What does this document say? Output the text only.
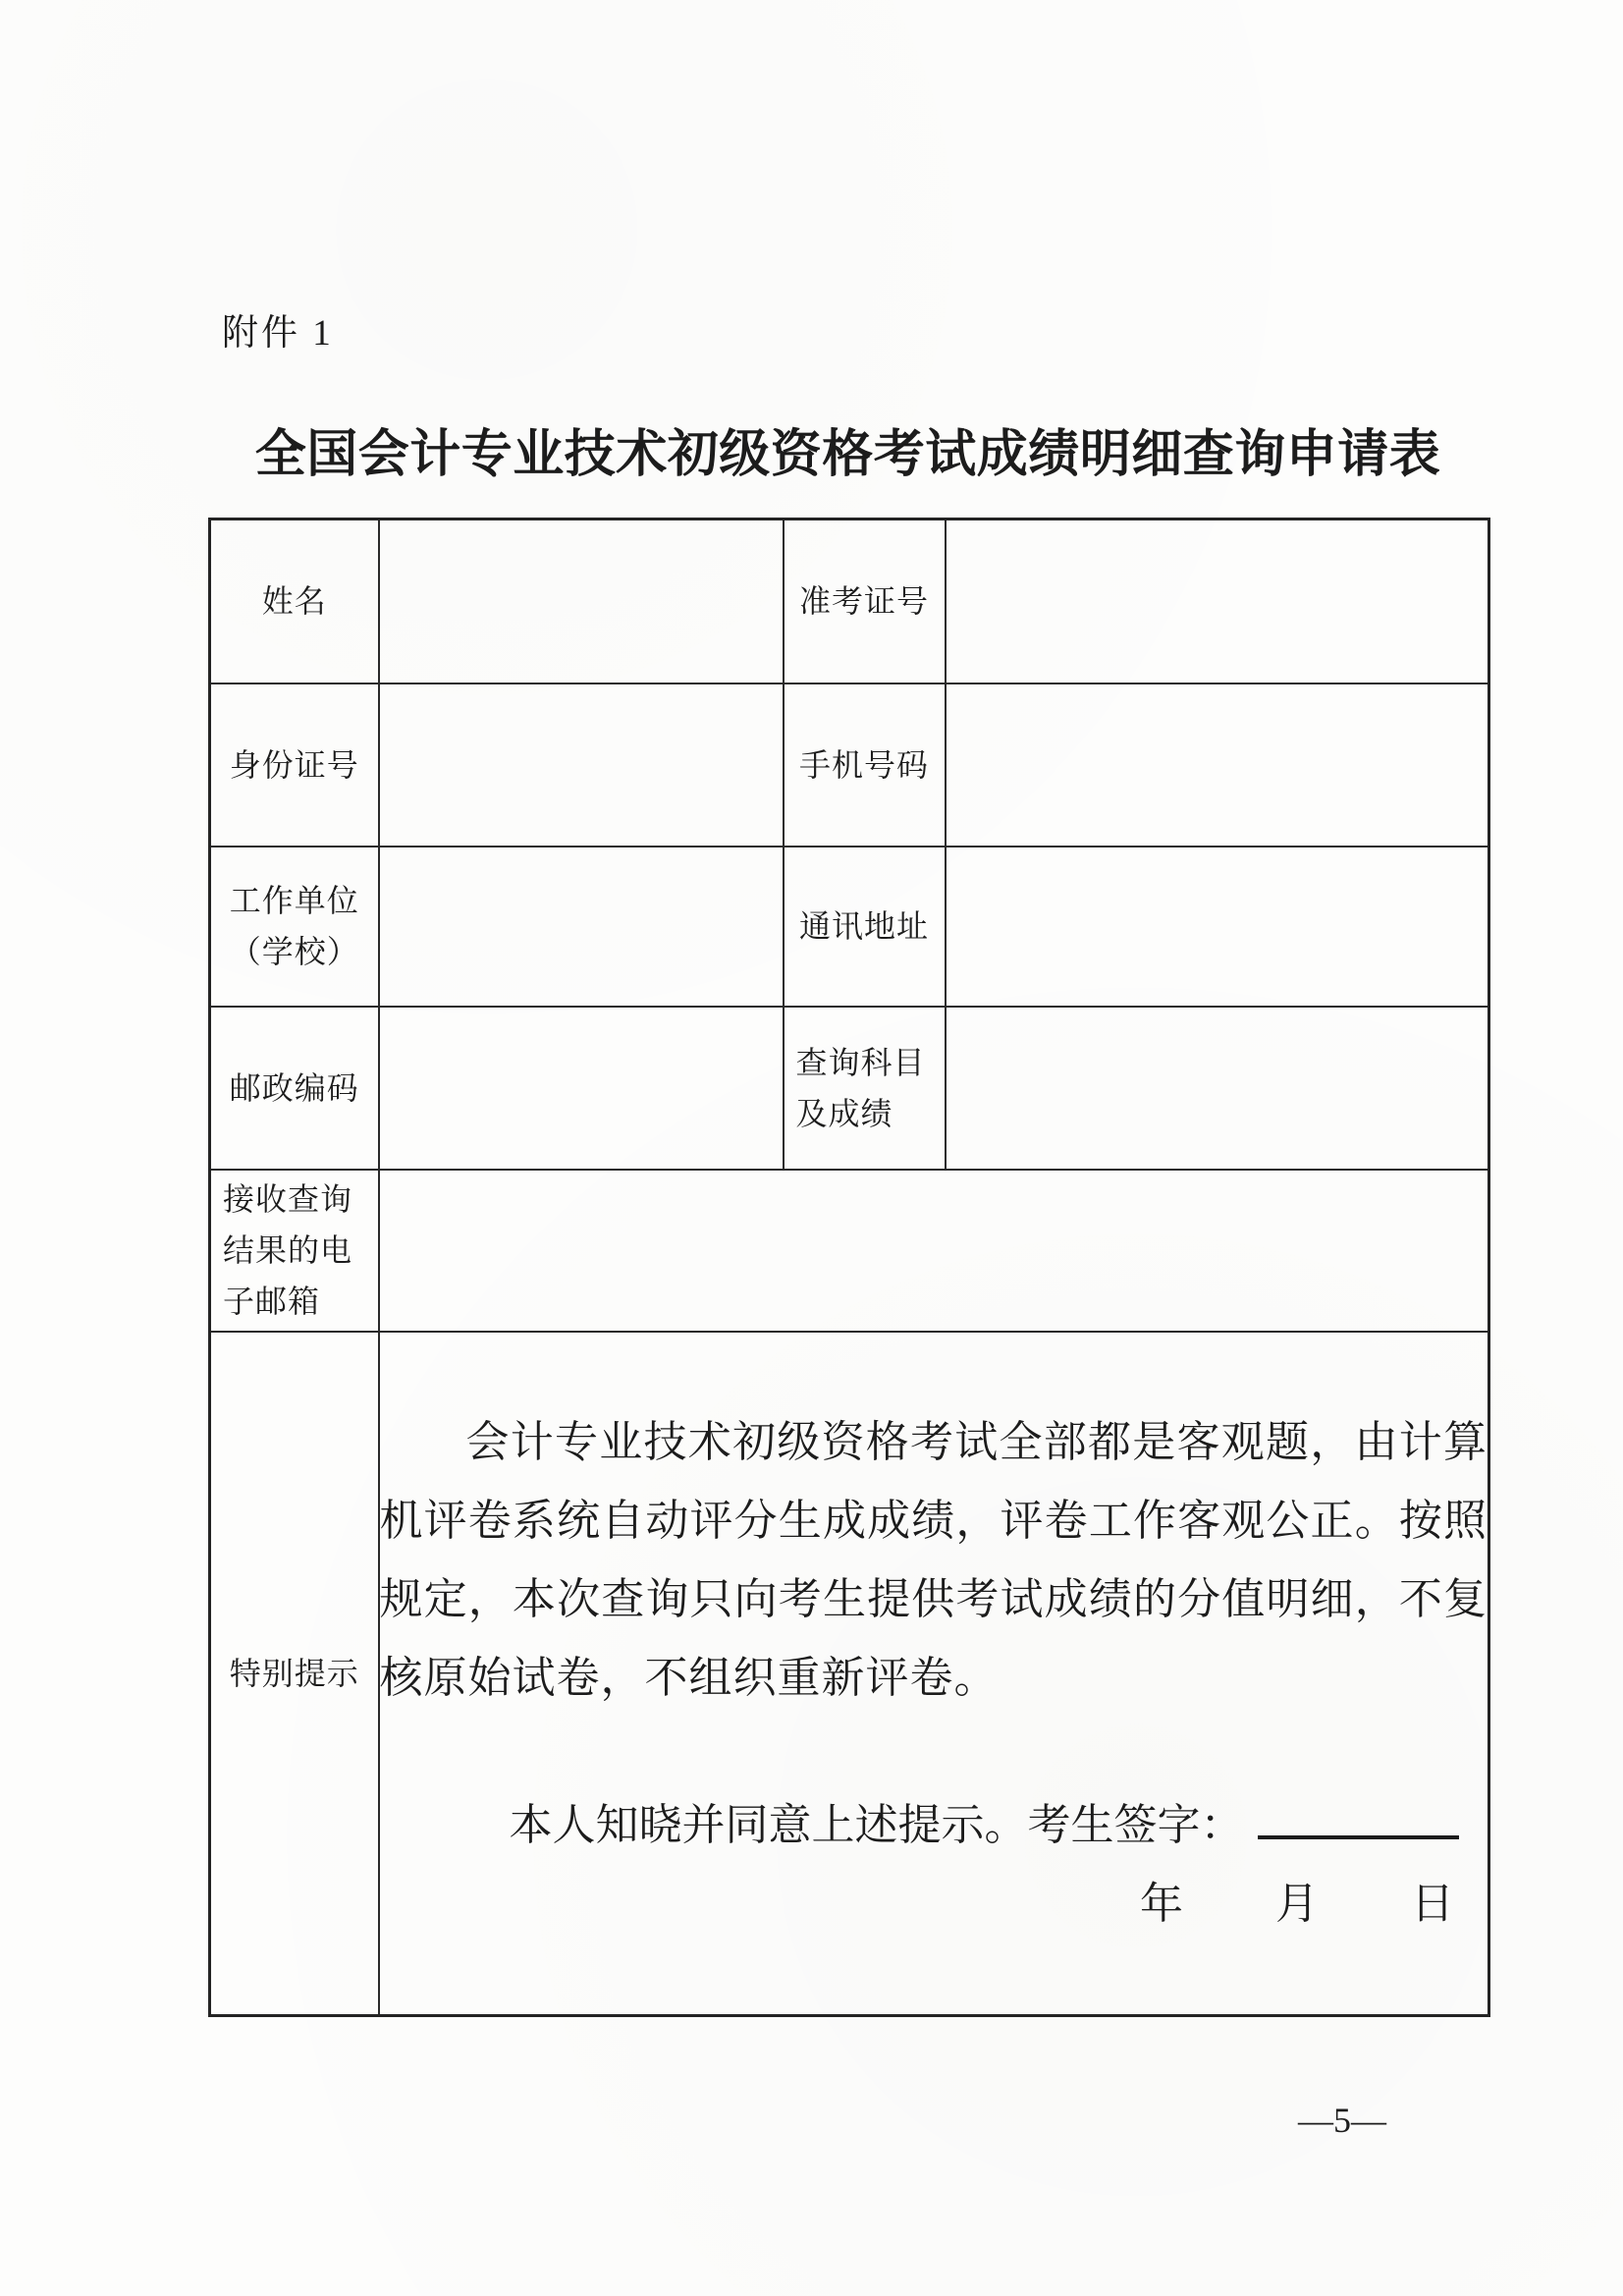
附件 1
全国会计专业技术初级资格考试成绩明细查询申请表
姓名		准考证号	

身份证号		手机号码	

工作单位
（学校）		通讯地址	

邮政编码		查询科目
及成绩	

接收查询
结果的电
子邮箱			

特别提示	会计专业技术初级资格考试全部都是客观题，由计算机评卷系统自动评分生成成绩，评卷工作客观公正。按照规定，本次查询只向考生提供考试成绩的分值明细，不复核原始试卷，不组织重新评卷。

本人知晓并同意上述提示。考生签字：
年　　月　　日		
—5—
